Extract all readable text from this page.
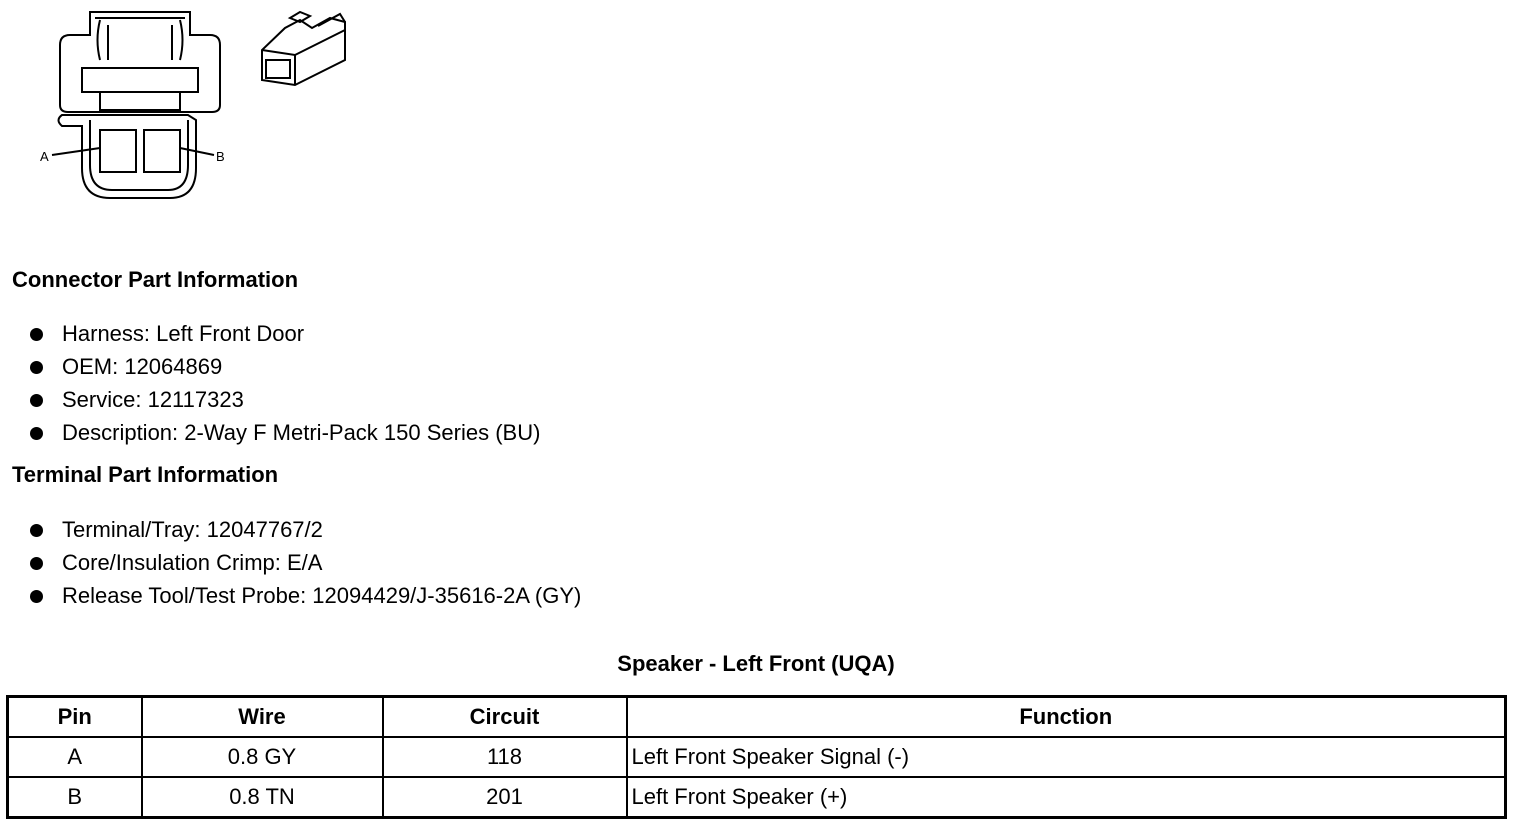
A	B
Connector Part Information
Harness: Left Front Door
OEM: 12064869
Service: 12117323
Description: 2-Way F Metri-Pack 150 Series (BU)
Terminal Part Information
Terminal/Tray: 12047767/2
Core/Insulation Crimp: E/A
Release Tool/Test Probe: 12094429/J-35616-2A (GY)
Speaker - Left Front (UQA)
Pin	Wire	Circuit	Function
A	0.8 GY	118	Left Front Speaker Signal (-)
B	0.8 TN	201	Left Front Speaker (+)
